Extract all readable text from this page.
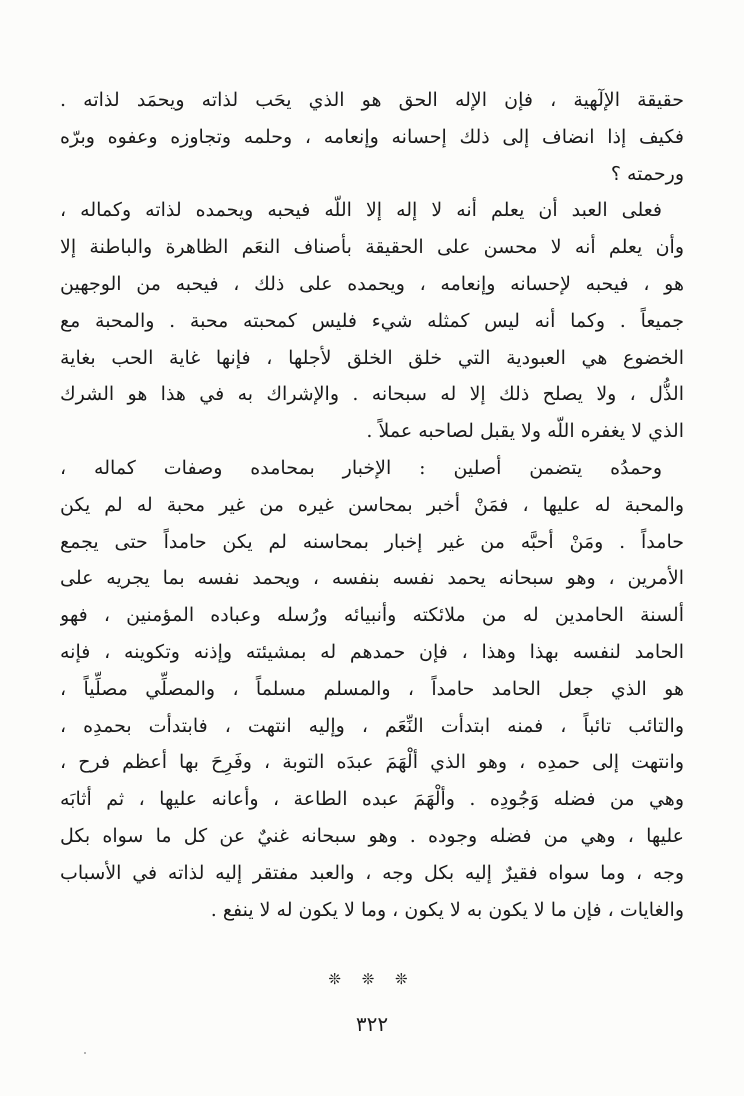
حقيقة الإلٓهية ، فإن الإله الحق هو الذي يحَب لذاته ويحمَد لذاته .
فكيف إذا انضاف إلى ذلك إحسانه وإنعامه ، وحلمه وتجاوزه وعفوه وبرّه
ورحمته ؟
فعلى العبد أن يعلم أنه لا إله إلا اللّه فيحبه ويحمده لذاته وكماله ،
وأن يعلم أنه لا محسن على الحقيقة بأصناف النعَم الظاهرة والباطنة إلا
هو ، فيحبه لإحسانه وإنعامه ، ويحمده على ذلك ، فيحبه من الوجهين
جميعاً . وكما أنه ليس كمثله شيء فليس كمحبته محبة . والمحبة مع
الخضوع هي العبودية التي خلق الخلق لأجلها ، فإنها غاية الحب بغاية
الذُّل ، ولا يصلح ذلك إلا له سبحانه . والإشراك به في هذا هو الشرك
الذي لا يغفره اللّه ولا يقبل لصاحبه عملاً .
وحمدُه يتضمن أصلين : الإخبار بمحامده وصفات كماله ،
والمحبة له عليها ، فمَنْ أخبر بمحاسن غيره من غير محبة له لم يكن
حامداً . ومَنْ أحبَّه من غير إخبار بمحاسنه لم يكن حامداً حتى يجمع
الأمرين ، وهو سبحانه يحمد نفسه بنفسه ، ويحمد نفسه بما يجريه على
ألسنة الحامدين له من ملائكته وأنبيائه ورُسله وعباده المؤمنين ، فهو
الحامد لنفسه بهذا وهذا ، فإن حمدهم له بمشيئته وإذنه وتكوينه ، فإنه
هو الذي جعل الحامد حامداً ، والمسلم مسلماً ، والمصلِّي مصلِّياً ،
والتائب تائباً ، فمنه ابتدأت النِّعَم ، وإليه انتهت ، فابتدأت بحمدِه ،
وانتهت إلى حمدِه ، وهو الذي ألْهَمَ عبدَه التوبة ، وفَرِحَ بها أعظم فرح ،
وهي من فضله وَجُودِه . وألْهَمَ عبده الطاعة ، وأعانه عليها ، ثم أثابَه
عليها ، وهي من فضله وجوده . وهو سبحانه غنيٌ عن كل ما سواه بكل
وجه ، وما سواه فقيرٌ إليه بكل وجه ، والعبد مفتقر إليه لذاته في الأسباب
والغايات ، فإن ما لا يكون به لا يكون ، وما لا يكون له لا ينفع .
❊ ❊ ❊
٣٢٢
